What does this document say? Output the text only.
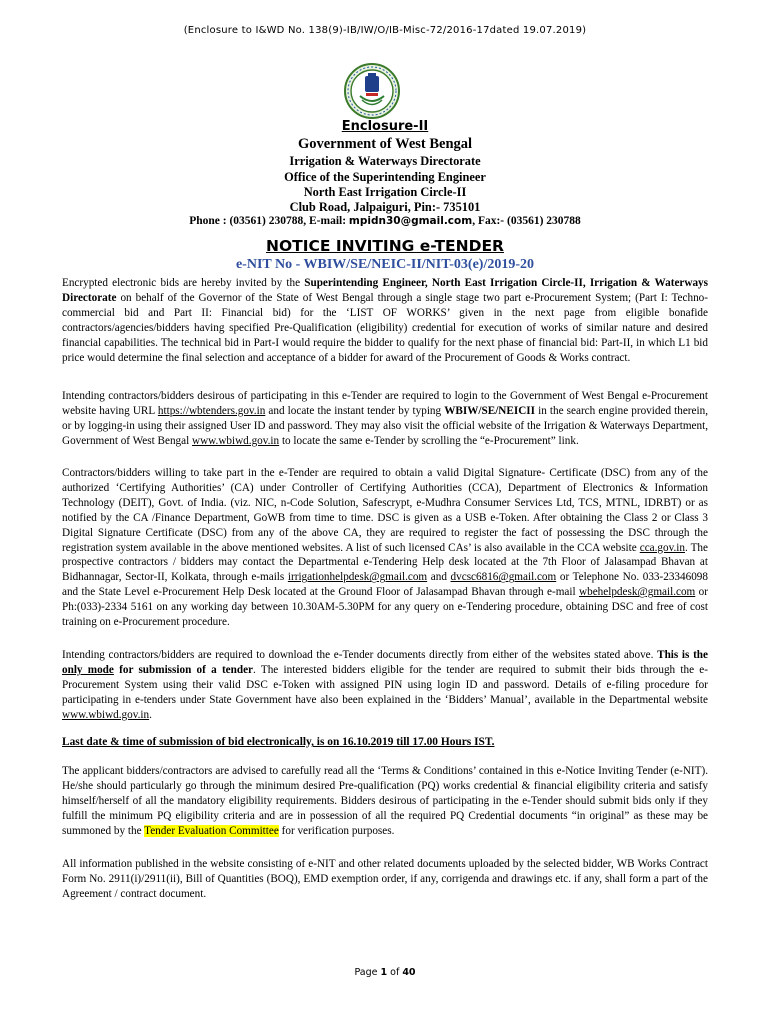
(Enclosure to I&WD No. 138(9)-IB/IW/O/IB-Misc-72/2016-17dated 19.07.2019)
Enclosure-II
Government of West Bengal
Irrigation & Waterways Directorate
Office of the Superintending Engineer
North East Irrigation Circle-II
Club Road, Jalpaiguri, Pin:- 735101
Phone : (03561) 230788, E-mail: mpidn30@gmail.com, Fax:- (03561) 230788
NOTICE INVITING e-TENDER
e-NIT No - WBIW/SE/NEIC-II/NIT-03(e)/2019-20
Encrypted electronic bids are hereby invited by the Superintending Engineer, North East Irrigation Circle-II, Irrigation & Waterways Directorate on behalf of the Governor of the State of West Bengal through a single stage two part e-Procurement System; (Part I: Techno-commercial bid and Part II: Financial bid) for the ‘LIST OF WORKS’ given in the next page from eligible bonafide contractors/agencies/bidders having specified Pre-Qualification (eligibility) credential for execution of works of similar nature and desired financial capabilities. The technical bid in Part-I would require the bidder to qualify for the next phase of financial bid: Part-II, in which L1 bid price would determine the final selection and acceptance of a bidder for award of the Procurement of Goods & Works contract.
Intending contractors/bidders desirous of participating in this e-Tender are required to login to the Government of West Bengal e-Procurement website having URL https://wbtenders.gov.in and locate the instant tender by typing WBIW/SE/NEICII in the search engine provided therein, or by logging-in using their assigned User ID and password. They may also visit the official website of the Irrigation & Waterways Department, Government of West Bengal www.wbiwd.gov.in to locate the same e-Tender by scrolling the “e-Procurement” link.
Contractors/bidders willing to take part in the e-Tender are required to obtain a valid Digital Signature- Certificate (DSC) from any of the authorized ‘Certifying Authorities’ (CA) under Controller of Certifying Authorities (CCA), Department of Electronics & Information Technology (DEIT), Govt. of India. (viz. NIC, n-Code Solution, Safescrypt, e-Mudhra Consumer Services Ltd, TCS, MTNL, IDRBT) or as notified by the CA /Finance Department, GoWB from time to time. DSC is given as a USB e-Token. After obtaining the Class 2 or Class 3 Digital Signature Certificate (DSC) from any of the above CA, they are required to register the fact of possessing the DSC through the registration system available in the above mentioned websites. A list of such licensed CAs’ is also available in the CCA website cca.gov.in. The prospective contractors / bidders may contact the Departmental e-Tendering Help desk located at the 7th Floor of Jalasampad Bhavan at Bidhannagar, Sector-II, Kolkata, through e-mails irrigationhelpdesk@gmail.com and dvcsc6816@gmail.com or Telephone No. 033-23346098 and the State Level e-Procurement Help Desk located at the Ground Floor of Jalasampad Bhavan through e-mail wbehelpdesk@gmail.com or Ph:(033)-2334 5161 on any working day between 10.30AM-5.30PM for any query on e-Tendering procedure, obtaining DSC and free of cost training on e-Procurement procedure.
Intending contractors/bidders are required to download the e-Tender documents directly from either of the websites stated above. This is the only mode for submission of a tender. The interested bidders eligible for the tender are required to submit their bids through the e-Procurement System using their valid DSC e-Token with assigned PIN using login ID and password. Details of e-filing procedure for participating in e-tenders under State Government have also been explained in the ‘Bidders’ Manual’, available in the Departmental website www.wbiwd.gov.in.
Last date & time of submission of bid electronically, is on 16.10.2019 till 17.00 Hours IST.
The applicant bidders/contractors are advised to carefully read all the ‘Terms & Conditions’ contained in this e-Notice Inviting Tender (e-NIT). He/she should particularly go through the minimum desired Pre-qualification (PQ) works credential & financial eligibility criteria and satisfy himself/herself of all the mandatory eligibility requirements. Bidders desirous of participating in the e-Tender should submit bids only if they fulfill the minimum PQ eligibility criteria and are in possession of all the required PQ Credential documents “in original” as these may be summoned by the Tender Evaluation Committee for verification purposes.
All information published in the website consisting of e-NIT and other related documents uploaded by the selected bidder, WB Works Contract Form No. 2911(i)/2911(ii), Bill of Quantities (BOQ), EMD exemption order, if any, corrigenda and drawings etc. if any, shall form a part of the Agreement / contract document.
Page 1 of 40
